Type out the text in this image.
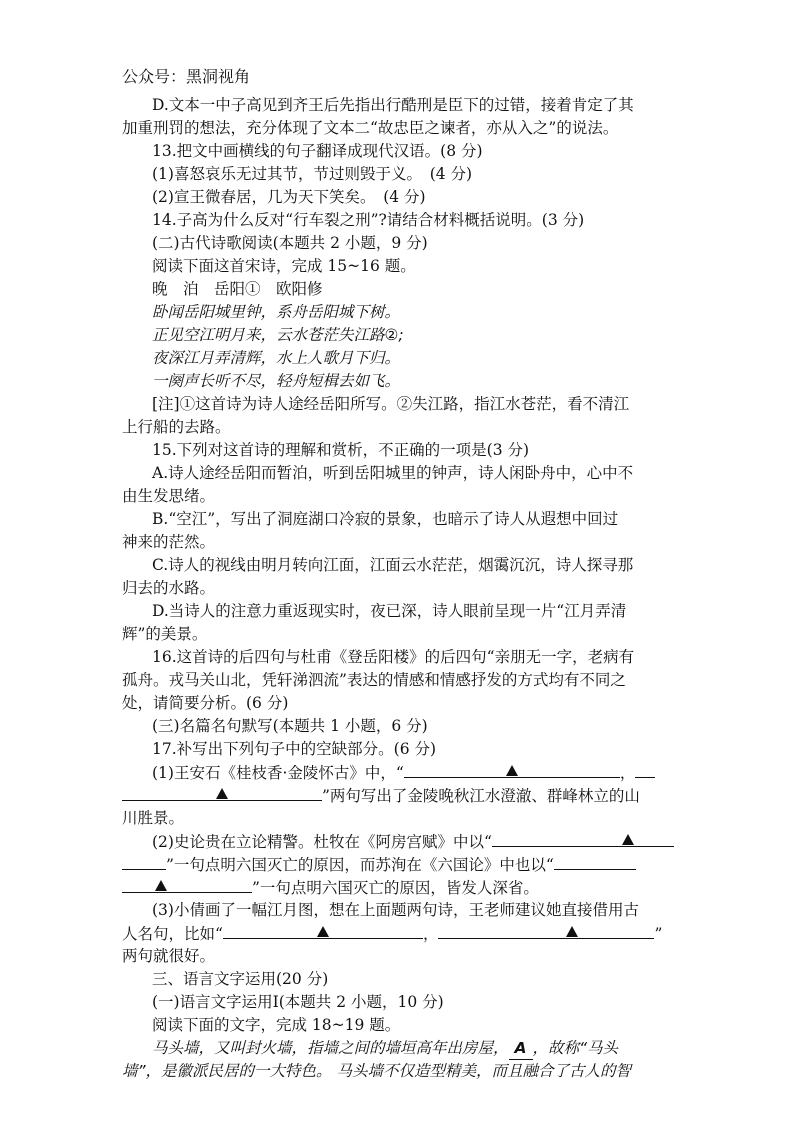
公众号：黑洞视角
D.文本一中子高见到齐王后先指出行酷刑是臣下的过错，接着肯定了其
加重刑罚的想法，充分体现了文本二“故忠臣之谏者，亦从入之”的说法。
13.把文中画横线的句子翻译成现代汉语。(8 分)
(1)喜怒哀乐无过其节，节过则毁于义。　(4 分)
(2)宣王微春居，几为天下笑矣。　(4 分)
14.子高为什么反对“行车裂之刑”?请结合材料概括说明。(3 分)
(二)古代诗歌阅读(本题共 2 小题，9 分)
阅读下面这首宋诗，完成 15~16 题。
晚　泊　岳阳①　欧阳修
卧闻岳阳城里钟，系舟岳阳城下树。
正见空江明月来，云水苍茫失江路②;
夜深江月弄清辉，水上人歌月下归。
一阕声长听不尽，轻舟短楫去如飞。
[注]①这首诗为诗人途经岳阳所写。②失江路，指江水苍茫，看不清江
上行船的去路。
15.下列对这首诗的理解和赏析，不正确的一项是(3 分)
A.诗人途经岳阳而暂泊，听到岳阳城里的钟声，诗人闲卧舟中，心中不
由生发思绪。
B.“空江”，写出了洞庭湖口冷寂的景象，也暗示了诗人从遐想中回过
神来的茫然。
C.诗人的视线由明月转向江面，江面云水茫茫，烟霭沉沉，诗人探寻那
归去的水路。
D.当诗人的注意力重返现实时，夜已深，诗人眼前呈现一片“江月弄清
辉”的美景。
16.这首诗的后四句与杜甫《登岳阳楼》的后四句“亲朋无一字，老病有
孤舟。戎马关山北，凭轩涕泗流”表达的情感和情感抒发的方式均有不同之
处，请简要分析。(6 分)
(三)名篇名句默写(本题共 1 小题，6 分)
17.补写出下列句子中的空缺部分。(6 分)
(1)王安石《桂枝香·金陵怀古》中，“	，
”两句写出了金陵晚秋江水澄澈、群峰林立的山
川胜景。
(2)史论贵在立论精警。杜牧在《阿房宫赋》中以“
”一句点明六国灭亡的原因，而苏洵在《六国论》中也以“
”一句点明六国灭亡的原因，皆发人深省。
(3)小倩画了一幅江月图，想在上面题两句诗，王老师建议她直接借用古
人名句，比如“	，	”
两句就很好。
三、语言文字运用(20 分)
(一)语言文字运用Ⅰ(本题共 2 小题，10 分)
阅读下面的文字，完成 18~19 题。
马头墙，又叫封火墙，指墙之间的墙垣高年出房屋， A ，故称“马头
墙”，是徽派民居的一大特色。 马头墙不仅造型精美，而且融合了古人的智
